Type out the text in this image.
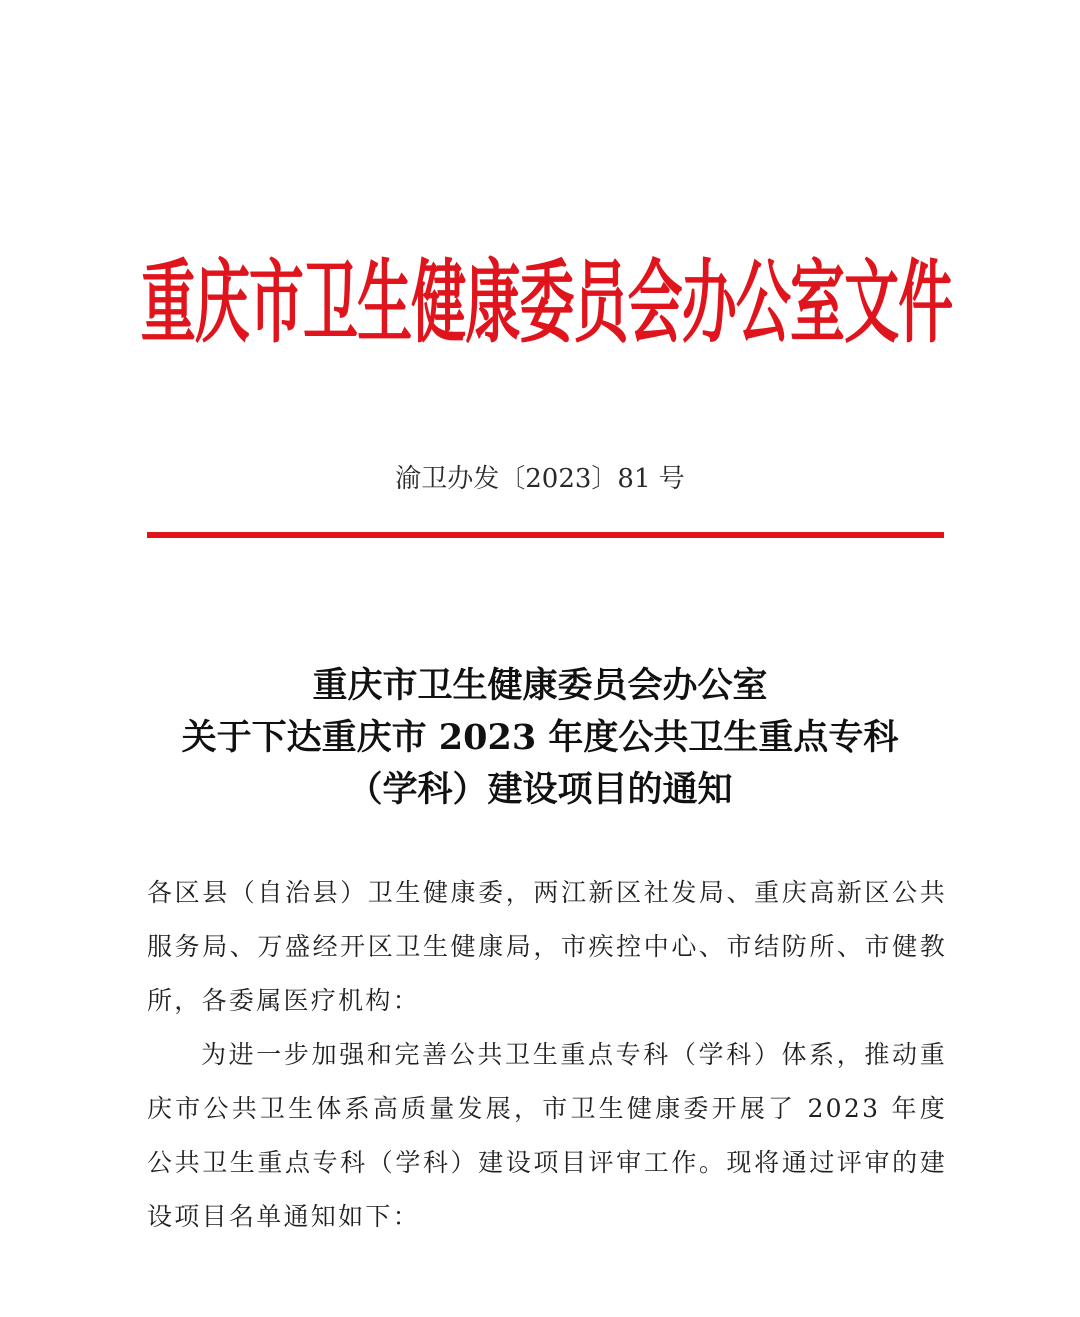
重庆市卫生健康委员会办公室文件
渝卫办发〔2023〕81 号
重庆市卫生健康委员会办公室
关于下达重庆市 2023 年度公共卫生重点专科
（学科）建设项目的通知

各区县（自治县）卫生健康委，两江新区社发局、重庆高新区公共服务局、万盛经开区卫生健康局，市疾控中心、市结防所、市健教所，各委属医疗机构：

为进一步加强和完善公共卫生重点专科（学科）体系，推动重庆市公共卫生体系高质量发展，市卫生健康委开展了 2023 年度公共卫生重点专科（学科）建设项目评审工作。现将通过评审的建设项目名单通知如下：
